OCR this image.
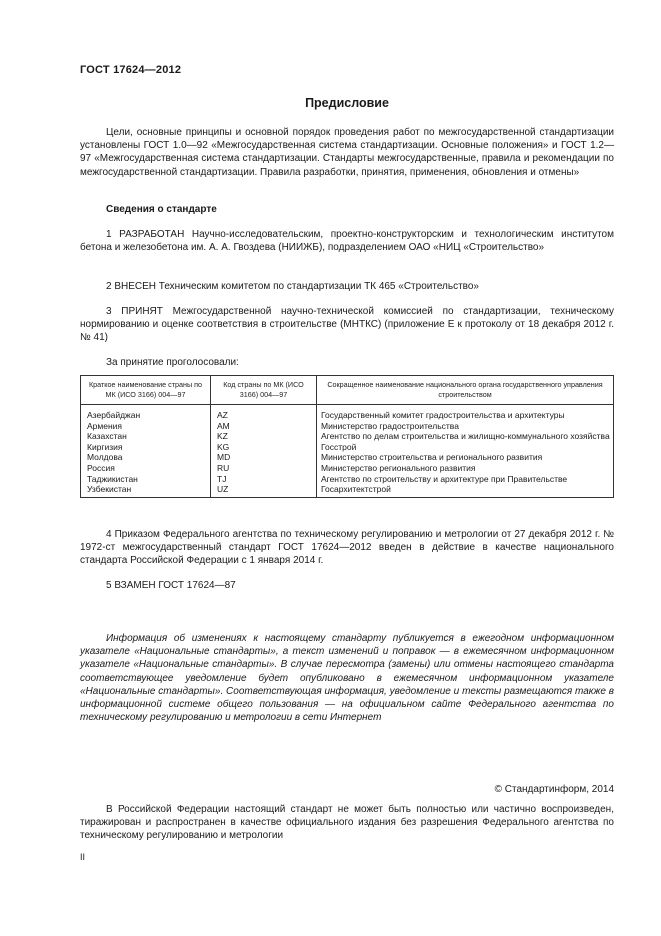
ГОСТ 17624—2012
Предисловие

Цели, основные принципы и основной порядок проведения работ по межгосударственной стандартизации установлены ГОСТ 1.0—92 «Межгосударственная система стандартизации. Основные положения» и ГОСТ 1.2—97 «Межгосударственная система стандартизации. Стандарты межгосударственные, правила и рекомендации по межгосударственной стандартизации. Правила разработки, принятия, применения, обновления и отмены»

Сведения о стандарте

1 РАЗРАБОТАН Научно-исследовательским, проектно-конструкторским и технологическим институтом бетона и железобетона им. А. А. Гвоздева (НИИЖБ), подразделением ОАО «НИЦ «Строительство»

2 ВНЕСЕН Техническим комитетом по стандартизации ТК 465 «Строительство»

3 ПРИНЯТ Межгосударственной научно-технической комиссией по стандартизации, техническому нормированию и оценке соответствия в строительстве (МНТКС) (приложение Е к протоколу от 18 декабря 2012 г. № 41)

За принятие проголосовали:
Краткое наименование страны по МК (ИСО 3166) 004—97	Код страны по МК (ИСО 3166) 004—97	Сокращенное наименование национального органа государственного управления строительством
Азербайджан	AZ	Государственный комитет градостроительства и архитектуры
Армения	AM	Министерство градостроительства
Казахстан	KZ	Агентство по делам строительства и жилищно-коммунального хозяйства
Киргизия	KG	Госстрой
Молдова	MD	Министерство строительства и регионального развития
Россия	RU	Министерство регионального развития
Таджикистан	TJ	Агентство по строительству и архитектуре при Правительстве
Узбекистан	UZ	Госархитектстрой

4 Приказом Федерального агентства по техническому регулированию и метрологии от 27 декабря 2012 г. № 1972-ст межгосударственный стандарт ГОСТ 17624—2012 введен в действие в качестве национального стандарта Российской Федерации с 1 января 2014 г.

5 ВЗАМЕН ГОСТ 17624—87

Информация об изменениях к настоящему стандарту публикуется в ежегодном информационном указателе «Национальные стандарты», а текст изменений и поправок — в ежемесячном информационном указателе «Национальные стандарты». В случае пересмотра (замены) или отмены настоящего стандарта соответствующее уведомление будет опубликовано в ежемесячном информационном указателе «Национальные стандарты». Соответствующая информация, уведомление и тексты размещаются также в информационной системе общего пользования — на официальном сайте Федерального агентства по техническому регулированию и метрологии в сети Интернет

© Стандартинформ, 2014

В Российской Федерации настоящий стандарт не может быть полностью или частично воспроизведен, тиражирован и распространен в качестве официального издания без разрешения Федерального агентства по техническому регулированию и метрологии

II
